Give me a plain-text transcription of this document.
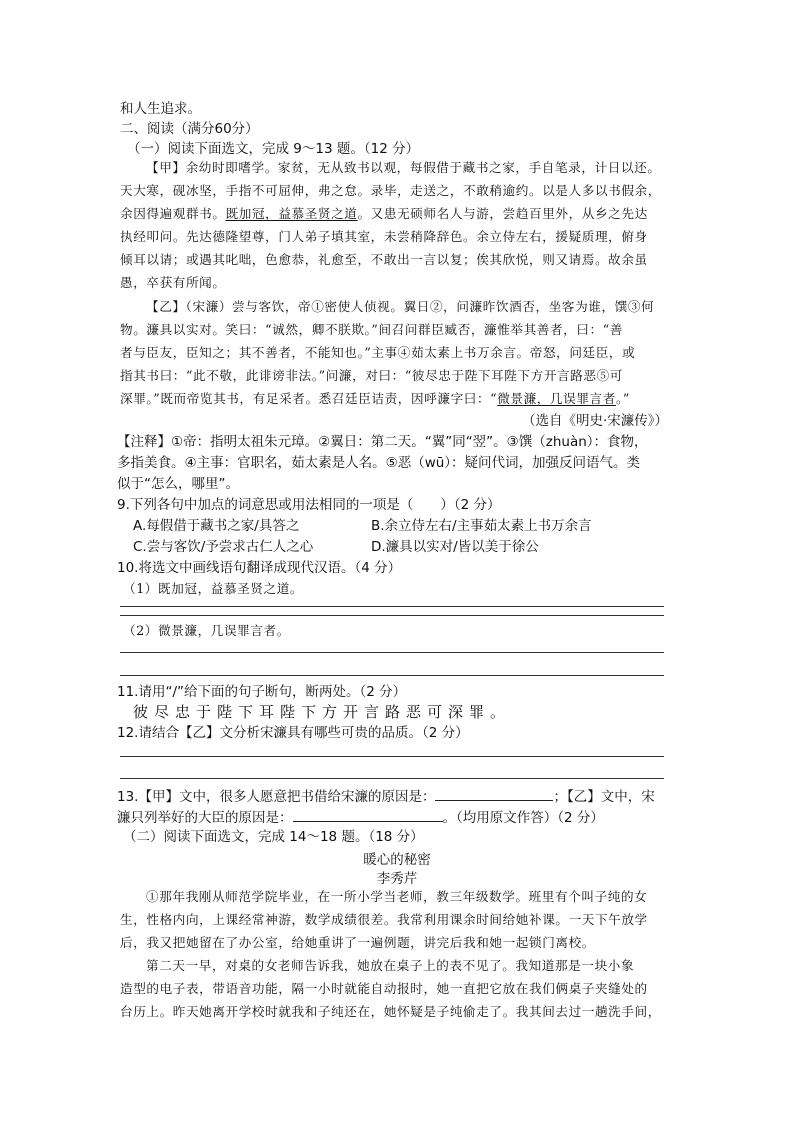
和人生追求。
二、阅读（满分60分）
（一）阅读下面选文，完成 9～13 题。（12 分）
【甲】余幼时即嗜学。家贫，无从致书以观，每假借于藏书之家，手自笔录，计日以还。
天大寒，砚冰坚，手指不可屈伸，弗之怠。录毕，走送之，不敢稍逾约。以是人多以书假余，
余因得遍观群书。既加冠，益慕圣贤之道。又患无硕师名人与游，尝趋百里外，从乡之先达
执经叩问。先达德隆望尊，门人弟子填其室，未尝稍降辞色。余立侍左右，援疑质理，俯身
倾耳以请；或遇其叱咄，色愈恭，礼愈至，不敢出一言以复；俟其欣悦，则又请焉。故余虽
愚，卒获有所闻。
【乙】（宋濂）尝与客饮，帝①密使人侦视。翼日②，问濂昨饮酒否，坐客为谁，馔③何
物。濂具以实对。笑曰：“诚然，卿不朕欺。”间召问群臣臧否，濂惟举其善者，曰：“善
者与臣友，臣知之；其不善者，不能知也。”主事④茹太素上书万余言。帝怒，问廷臣，或
指其书曰：“此不敬，此诽谤非法。”问濂，对曰：“彼尽忠于陛下耳陛下方开言路恶⑤可
深罪。”既而帝览其书，有足采者。悉召廷臣诘责，因呼濂字曰：“微景濂，几误罪言者。”
（选自《明史·宋濂传》）
【注释】①帝：指明太祖朱元璋。②翼日：第二天。“翼”同“翌”。③馔（zhuàn）：食物，
多指美食。④主事：官职名，茹太素是人名。⑤恶（wū）：疑问代词，加强反问语气。类
似于“怎么，哪里”。
9.下列各句中加点的词意思或用法相同的一项是（　　）（2 分）
A.每假借于藏书之家/具答之	B.余立侍左右/主事茹太素上书万余言
C.尝与客饮/予尝求古仁人之心	D.濂具以实对/皆以美于徐公
10.将选文中画线语句翻译成现代汉语。（4 分）
（1）既加冠，益慕圣贤之道。
（2）微景濂，几误罪言者。
11.请用“/”给下面的句子断句，断两处。（2 分）
彼尽忠于陛下耳陛下方开言路恶可深罪。
12.请结合【乙】文分析宋濂具有哪些可贵的品质。（2 分）
13.【甲】文中，很多人愿意把书借给宋濂的原因是：	；【乙】文中，宋
濂只列举好的大臣的原因是：	。（均用原文作答）（2 分）
（二）阅读下面选文，完成 14～18 题。（18 分）
暖心的秘密
李秀芹
①那年我刚从师范学院毕业，在一所小学当老师，教三年级数学。班里有个叫子纯的女
生，性格内向，上课经常神游，数学成绩很差。我常利用课余时间给她补课。一天下午放学
后，我又把她留在了办公室，给她重讲了一遍例题，讲完后我和她一起锁门离校。
第二天一早，对桌的女老师告诉我，她放在桌子上的表不见了。我知道那是一块小象
造型的电子表，带语音功能，隔一小时就能自动报时，她一直把它放在我们俩桌子夹缝处的
台历上。昨天她离开学校时就我和子纯还在，她怀疑是子纯偷走了。我其间去过一趟洗手间，
